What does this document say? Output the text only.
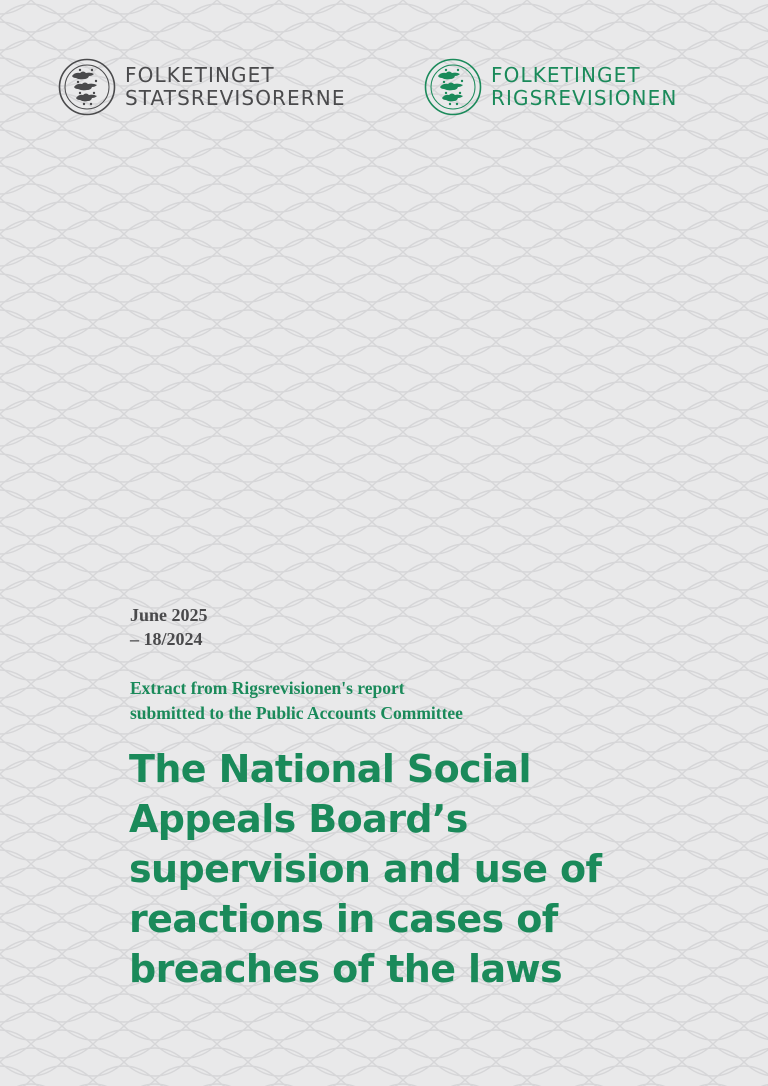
FOLKETINGET
STATSREVISORERNE
FOLKETINGET
RIGSREVISIONEN
June 2025
– 18/2024
Extract from Rigsrevisionen's report
submitted to the Public Accounts Committee
The National Social
Appeals Board’s
supervision and use of
reactions in cases of
breaches of the laws
